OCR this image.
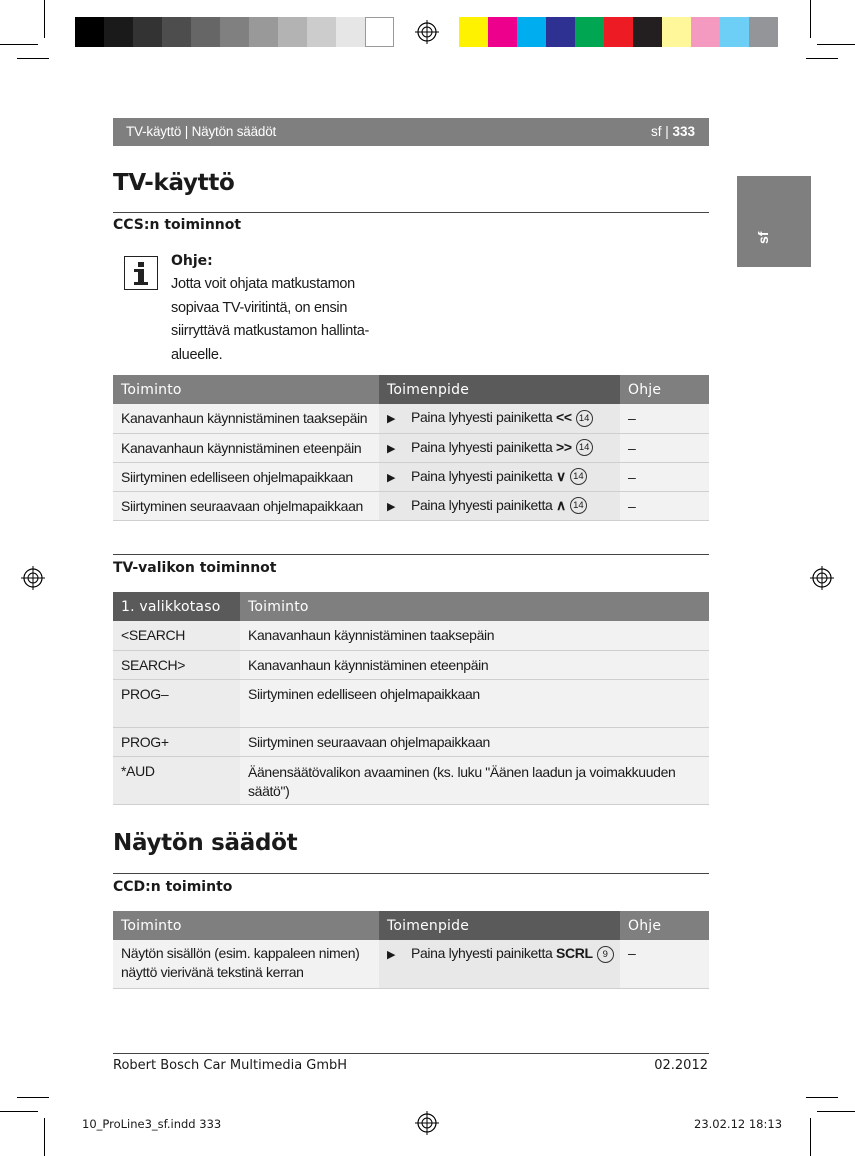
TV-käyttö | Näytön säädöt	sf | 333
sf
TV-käyttö
CCS:n toiminnot
Ohje:
Jotta voit ohjata matkustamon sopivaa TV-viritintä, on ensin siirryttävä matkustamon hallinta-alueelle.
Toiminto	Toimenpide	Ohje
Kanavanhaun käynnistäminen taaksepäin	▶ Paina lyhyesti painiketta << 14	–
Kanavanhaun käynnistäminen eteenpäin	▶ Paina lyhyesti painiketta >> 14	–
Siirtyminen edelliseen ohjelmapaikkaan	▶ Paina lyhyesti painiketta ∨ 14	–
Siirtyminen seuraavaan ohjelmapaikkaan	▶ Paina lyhyesti painiketta ∧ 14	–
TV-valikon toiminnot
1. valikkotaso	Toiminto
<SEARCH	Kanavanhaun käynnistäminen taaksepäin
SEARCH>	Kanavanhaun käynnistäminen eteenpäin
PROG–	Siirtyminen edelliseen ohjelmapaikkaan
PROG+	Siirtyminen seuraavaan ohjelmapaikkaan
*AUD	Äänensäätövalikon avaaminen (ks. luku "Äänen laadun ja voimakkuuden säätö")
Näytön säädöt
CCD:n toiminto
Toiminto	Toimenpide	Ohje
Näytön sisällön (esim. kappaleen nimen) näyttö vierivänä tekstinä kerran	▶ Paina lyhyesti painiketta SCRL 9	–
Robert Bosch Car Multimedia GmbH	02.2012
10_ProLine3_sf.indd 333	23.02.12 18:13
